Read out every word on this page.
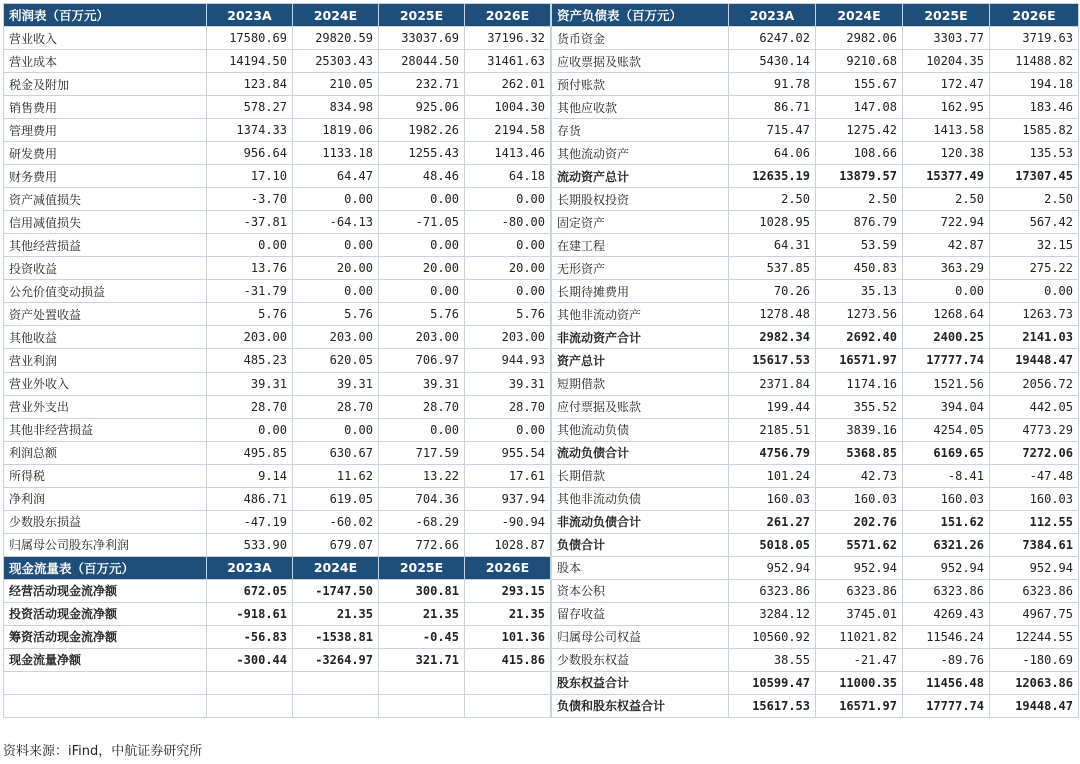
利润表（百万元）	2023A	2024E	2025E	2026E
营业收入	17580.69	29820.59	33037.69	37196.32
营业成本	14194.50	25303.43	28044.50	31461.63
税金及附加	123.84	210.05	232.71	262.01
销售费用	578.27	834.98	925.06	1004.30
管理费用	1374.33	1819.06	1982.26	2194.58
研发费用	956.64	1133.18	1255.43	1413.46
财务费用	17.10	64.47	48.46	64.18
资产减值损失	-3.70	0.00	0.00	0.00
信用减值损失	-37.81	-64.13	-71.05	-80.00
其他经营损益	0.00	0.00	0.00	0.00
投资收益	13.76	20.00	20.00	20.00
公允价值变动损益	-31.79	0.00	0.00	0.00
资产处置收益	5.76	5.76	5.76	5.76
其他收益	203.00	203.00	203.00	203.00
营业利润	485.23	620.05	706.97	944.93
营业外收入	39.31	39.31	39.31	39.31
营业外支出	28.70	28.70	28.70	28.70
其他非经营损益	0.00	0.00	0.00	0.00
利润总额	495.85	630.67	717.59	955.54
所得税	9.14	11.62	13.22	17.61
净利润	486.71	619.05	704.36	937.94
少数股东损益	-47.19	-60.02	-68.29	-90.94
归属母公司股东净利润	533.90	679.07	772.66	1028.87
现金流量表（百万元）	2023A	2024E	2025E	2026E
经营活动现金流净额	672.05	-1747.50	300.81	293.15
投资活动现金流净额	-918.61	21.35	21.35	21.35
筹资活动现金流净额	-56.83	-1538.81	-0.45	101.36
现金流量净额	-300.44	-3264.97	321.71	415.86

资产负债表（百万元）	2023A	2024E	2025E	2026E
货币资金	6247.02	2982.06	3303.77	3719.63
应收票据及账款	5430.14	9210.68	10204.35	11488.82
预付账款	91.78	155.67	172.47	194.18
其他应收款	86.71	147.08	162.95	183.46
存货	715.47	1275.42	1413.58	1585.82
其他流动资产	64.06	108.66	120.38	135.53
流动资产总计	12635.19	13879.57	15377.49	17307.45
长期股权投资	2.50	2.50	2.50	2.50
固定资产	1028.95	876.79	722.94	567.42
在建工程	64.31	53.59	42.87	32.15
无形资产	537.85	450.83	363.29	275.22
长期待摊费用	70.26	35.13	0.00	0.00
其他非流动资产	1278.48	1273.56	1268.64	1263.73
非流动资产合计	2982.34	2692.40	2400.25	2141.03
资产总计	15617.53	16571.97	17777.74	19448.47
短期借款	2371.84	1174.16	1521.56	2056.72
应付票据及账款	199.44	355.52	394.04	442.05
其他流动负债	2185.51	3839.16	4254.05	4773.29
流动负债合计	4756.79	5368.85	6169.65	7272.06
长期借款	101.24	42.73	-8.41	-47.48
其他非流动负债	160.03	160.03	160.03	160.03
非流动负债合计	261.27	202.76	151.62	112.55
负债合计	5018.05	5571.62	6321.26	7384.61
股本	952.94	952.94	952.94	952.94
资本公积	6323.86	6323.86	6323.86	6323.86
留存收益	3284.12	3745.01	4269.43	4967.75
归属母公司权益	10560.92	11021.82	11546.24	12244.55
少数股东权益	38.55	-21.47	-89.76	-180.69
股东权益合计	10599.47	11000.35	11456.48	12063.86
负债和股东权益合计	15617.53	16571.97	17777.74	19448.47
资料来源：iFind，中航证券研究所
